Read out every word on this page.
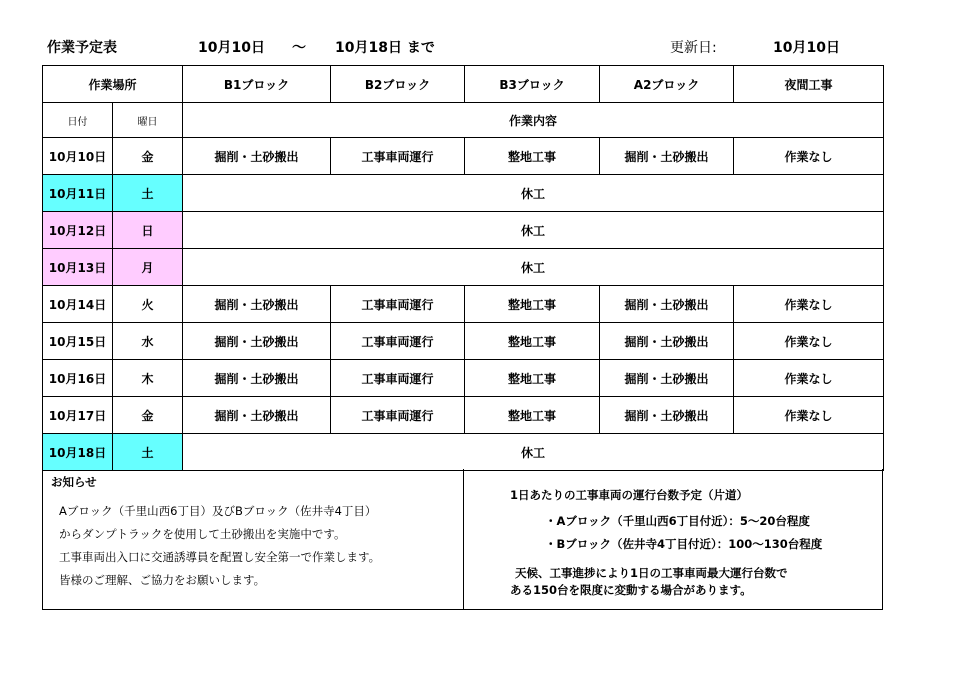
作業予定表	10月10日 ～ 10月18日 まで	更新日:	10月10日
作業場所		B1ブロック	B2ブロック	B3ブロック	A2ブロック	夜間工事
日付	曜日	作業内容				
10月10日	金	掘削・土砂搬出	工事車両運行	整地工事	掘削・土砂搬出	作業なし
10月11日	土	休工				
10月12日	日	休工				
10月13日	月	休工				
10月14日	火	掘削・土砂搬出	工事車両運行	整地工事	掘削・土砂搬出	作業なし
10月15日	水	掘削・土砂搬出	工事車両運行	整地工事	掘削・土砂搬出	作業なし
10月16日	木	掘削・土砂搬出	工事車両運行	整地工事	掘削・土砂搬出	作業なし
10月17日	金	掘削・土砂搬出	工事車両運行	整地工事	掘削・土砂搬出	作業なし
10月18日	土	休工				
お知らせ
Aブロック（千里山西6丁目）及びBブロック（佐井寺4丁目）
からダンプトラックを使用して土砂搬出を実施中です。
工事車両出入口に交通誘導員を配置し安全第一で作業します。
皆様のご理解、ご協力をお願いします。
1日あたりの工事車両の運行台数予定（片道）
・Aブロック（千里山西6丁目付近）：5～20台程度
・Bブロック（佐井寺4丁目付近）：100～130台程度
天候、工事進捗により1日の工事車両最大運行台数で
ある150台を限度に変動する場合があります。
